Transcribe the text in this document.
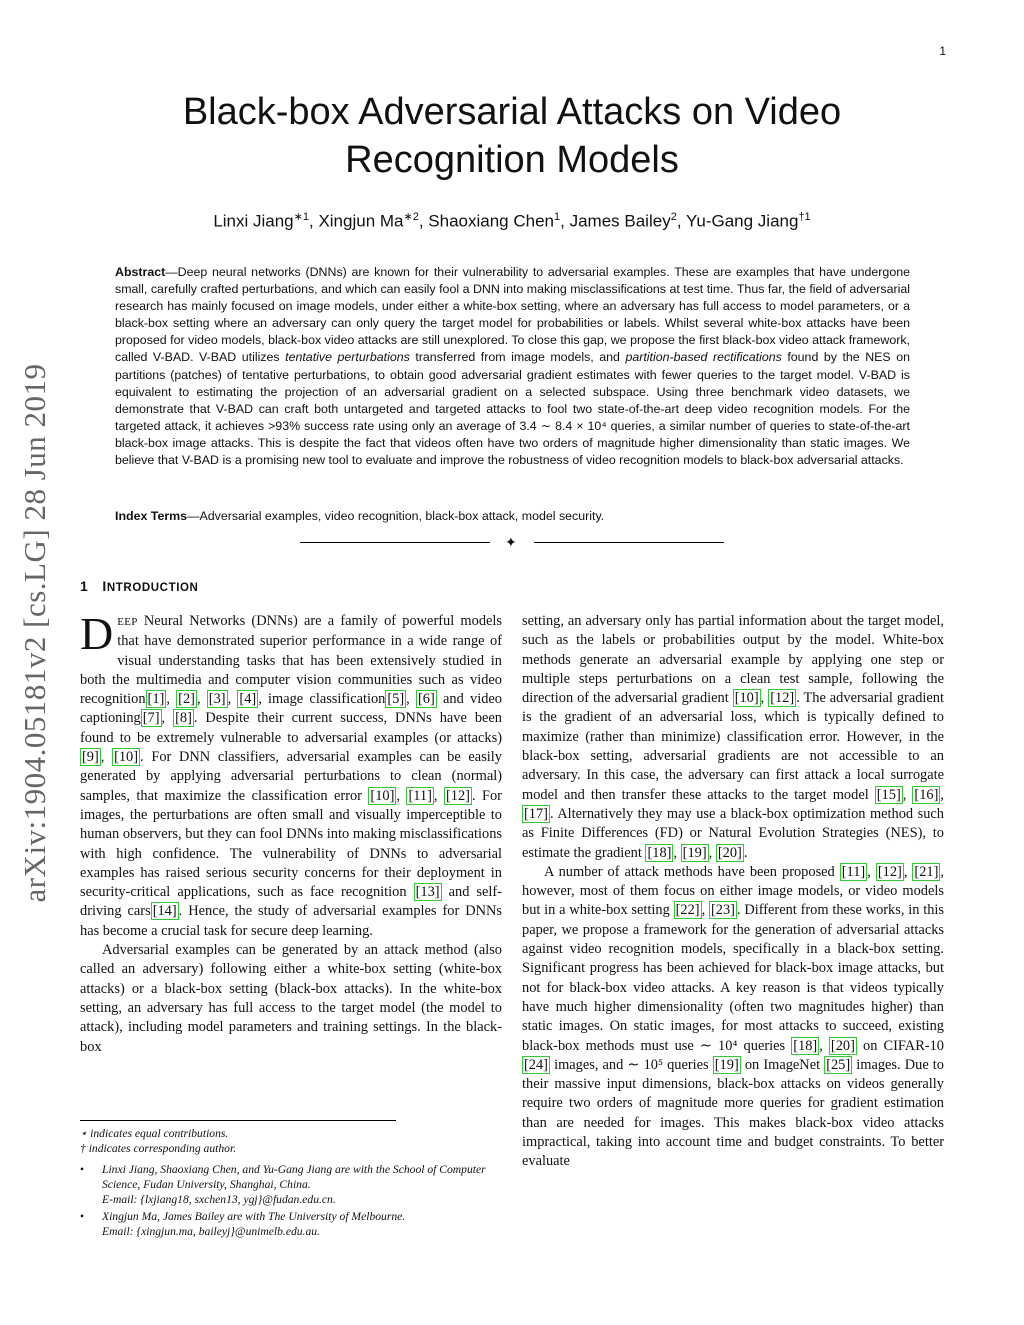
1
arXiv:1904.05181v2 [cs.LG] 28 Jun 2019
Black-box Adversarial Attacks on Video Recognition Models
Linxi Jiang$^{∗1}$, Xingjun $Ma^{∗2}$, Shaoxiang Chen$^1$, James Bailey$^2$, Yu-Gang Jiang$^{\dagger 1}$
Abstract—Deep neural networks (DNNs) are known for their vulnerability to adversarial examples. These are examples that have undergone small, carefully crafted perturbations, and which can easily fool a DNN into making misclassifications at test time. Thus far, the field of adversarial research has mainly focused on image models, under either a white-box setting, where an adversary has full access to model parameters, or a black-box setting where an adversary can only query the target model for probabilities or labels. Whilst several white-box attacks have been proposed for video models, black-box video attacks are still unexplored. To close this gap, we propose the first black-box video attack framework, called V-BAD. V-BAD utilizes tentative perturbations transferred from image models, and partition-based rectifications found by the NES on partitions (patches) of tentative perturbations, to obtain good adversarial gradient estimates with fewer queries to the target model. V-BAD is equivalent to estimating the projection of an adversarial gradient on a selected subspace. Using three benchmark video datasets, we demonstrate that V-BAD can craft both untargeted and targeted attacks to fool two state-of-the-art deep video recognition models. For the targeted attack, it achieves >93% success rate using only an average of 3.4 ∼ 8.4 × 10⁴ queries, a similar number of queries to state-of-the-art black-box image attacks. This is despite the fact that videos often have two orders of magnitude higher dimensionality than static images. We believe that V-BAD is a promising new tool to evaluate and improve the robustness of video recognition models to black-box adversarial attacks.
Index Terms—Adversarial examples, video recognition, black-box attack, model security.
✦
1 INTRODUCTION

DEEP Neural Networks (DNNs) are a family of powerful models that have demonstrated superior performance in a wide range of visual understanding tasks that has been extensively studied in both the multimedia and computer vision communities such as video recognition [1] , [2] , [3] , [4] , image classification [5] , [6] and video captioning [7] , [8] . Despite their current success, DNNs have been found to be extremely vulnerable to adversarial examples (or attacks) [9] , [10] . For DNN classifiers, adversarial examples can be easily generated by applying adversarial perturbations to clean (normal) samples, that maximize the classification error [10] , [11] , [12] . For images, the perturbations are often small and visually imperceptible to human observers, but they can fool DNNs into making misclassifications with high confidence. The vulnerability of DNNs to adversarial examples has raised serious security concerns for their deployment in security-critical applications, such as face recognition [13] and self-driving cars [14] . Hence, the study of adversarial examples for DNNs has become a crucial task for secure deep learning.

Adversarial examples can be generated by an attack method (also called an adversary) following either a white-box setting (white-box attacks) or a black-box setting (black-box attacks). In the white-box setting, an adversary has full access to the target model (the model to attack), including model parameters and training settings. In the black-box

⋆ indicates equal contributions.

† indicates corresponding author.

•	Linxi Jiang, Shaoxiang Chen, and Yu-Gang Jiang are with the School of Computer Science, Fudan University, Shanghai, China.
E-mail: {lxjiang18, sxchen13, ygj}@fudan.edu.cn.
•	Xingjun Ma, James Bailey are with The University of Melbourne.
Email: {xingjun.ma, baileyj}@unimelb.edu.au.

setting, an adversary only has partial information about the target model, such as the labels or probabilities output by the model. White-box methods generate an adversarial example by applying one step or multiple steps perturbations on a clean test sample, following the direction of the adversarial gradient [10] , [12] . The adversarial gradient is the gradient of an adversarial loss, which is typically defined to maximize (rather than minimize) classification error. However, in the black-box setting, adversarial gradients are not accessible to an adversary. In this case, the adversary can first attack a local surrogate model and then transfer these attacks to the target model [15] , [16] , [17] . Alternatively they may use a black-box optimization method such as Finite Differences (FD) or Natural Evolution Strategies (NES), to estimate the gradient [18] , [19] , [20] .

A number of attack methods have been proposed [11] , [12] , [21] , however, most of them focus on either image models, or video models but in a white-box setting [22] , [23] . Different from these works, in this paper, we propose a framework for the generation of adversarial attacks against video recognition models, specifically in a black-box setting. Significant progress has been achieved for black-box image attacks, but not for black-box video attacks. A key reason is that videos typically have much higher dimensionality (often two magnitudes higher) than static images. On static images, for most attacks to succeed, existing black-box methods must use ∼ 10⁴ queries [18] , [20] on CIFAR-10 [24] images, and ∼ 10⁵ queries [19] on ImageNet [25] images. Due to their massive input dimensions, black-box attacks on videos generally require two orders of magnitude more queries for gradient estimation than are needed for images. This makes black-box video attacks impractical, taking into account time and budget constraints. To better evaluate
